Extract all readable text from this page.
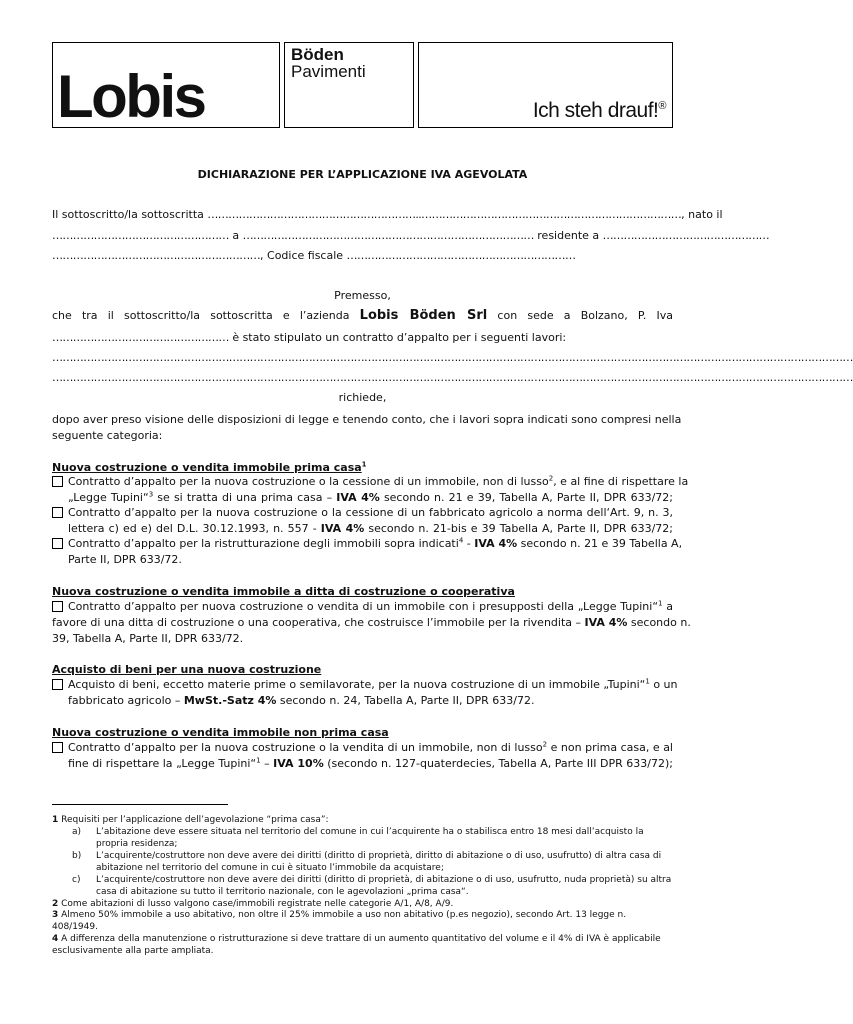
Lobis
Böden
Pavimenti
Ich steh drauf!®
DICHIARAZIONE PER L’APPLICAZIONE IVA AGEVOLATA
Il sottoscritto/la sottoscritta ……………………………………………………..…………………………………………………………………, nato il
…………………………………………… a ………………………………………………………………………… residente a …………………………………………
……………………………………………………, Codice fiscale …………………………………………………………
Premesso,
che tra il sottoscritto/la sottoscritta e l’azienda Lobis Böden Srl con sede a Bolzano, P. Iva
…………………………………………… è stato stipulato un contratto d’appalto per i seguenti lavori:
……………………………………………………………………………………………………………………………………………………………………………………………………………
……………………………………………………………………………………………………………………………………………………………………………………………………………
richiede,
dopo aver preso visione delle disposizioni di legge e tenendo conto, che i lavori sopra indicati sono compresi nella
seguente categoria:
Nuova costruzione o vendita immobile prima casa$^1$
Contratto d’appalto per la nuova costruzione o la cessione di un immobile, non di lusso$^2$, e al fine di rispettare la
„Legge Tupini“$^3$ se si tratta di una prima casa – IVA 4% secondo n. 21 e 39, Tabella A, Parte II, DPR 633/72;
Contratto d’appalto per la nuova costruzione o la cessione di un fabbricato agricolo a norma dell‘Art. 9, n. 3,
lettera c) ed e) del D.L. 30.12.1993, n. 557 - IVA 4% secondo n. 21-bis e 39 Tabella A, Parte II, DPR 633/72;
Contratto d’appalto per la ristrutturazione degli immobili sopra indicati$^4$ - IVA 4% secondo n. 21 e 39 Tabella A,
Parte II, DPR 633/72.
Nuova costruzione o vendita immobile a ditta di costruzione o cooperativa
Contratto d’appalto per nuova costruzione o vendita di un immobile con i presupposti della „Legge Tupini“$^1$ a
favore di una ditta di costruzione o una cooperativa, che costruisce l’immobile per la rivendita – IVA 4% secondo n.
39, Tabella A, Parte II, DPR 633/72.
Acquisto di beni per una nuova costruzione
Acquisto di beni, eccetto materie prime o semilavorate, per la nuova costruzione di un immobile „Tupini“$^1$ o un
fabbricato agricolo – MwSt.-Satz 4% secondo n. 24, Tabella A, Parte II, DPR 633/72.
Nuova costruzione o vendita immobile non prima casa
Contratto d’appalto per la nuova costruzione o la vendita di un immobile, non di lusso$^2$ e non prima casa, e al
fine di rispettare la „Legge Tupini“$^1$ – IVA 10% (secondo n. 127-quaterdecies, Tabella A, Parte III DPR 633/72);
1 Requisiti per l’applicazione dell’agevolazione “prima casa”:
a) L’abitazione deve essere situata nel territorio del comune in cui l’acquirente ha o stabilisca entro 18 mesi dall’acquisto la propria residenza;
b) L’acquirente/costruttore non deve avere dei diritti (diritto di proprietà, diritto di abitazione o di uso, usufrutto) di altra casa di abitazione nel territorio del comune in cui è situato l’immobile da acquistare;
c) L’acquirente/costruttore non deve avere dei diritti (diritto di proprietà, di abitazione o di uso, usufrutto, nuda proprietà) su altra casa di abitazione su tutto il territorio nazionale, con le agevolazioni „prima casa“.
2 Come abitazioni di lusso valgono case/immobili registrate nelle categorie A/1, A/8, A/9.
3 Almeno 50% immobile a uso abitativo, non oltre il 25% immobile a uso non abitativo (p.es negozio), secondo Art. 13 legge n. 408/1949.
4 A differenza della manutenzione o ristrutturazione si deve trattare di un aumento quantitativo del volume e il 4% di IVA è applicabile esclusivamente alla parte ampliata.
